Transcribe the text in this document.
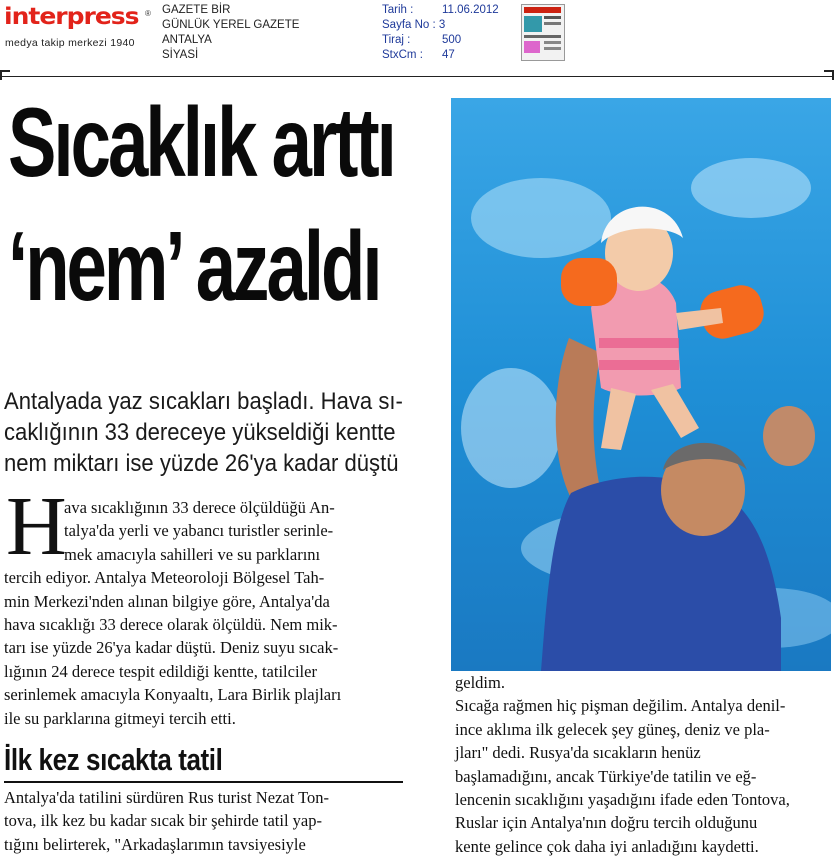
interpress ®
medya takip merkezi 1940
GAZETE BİR
GÜNLÜK YEREL GAZETE
ANTALYA
SİYASİ
Tarih : 11.06.2012
Sayfa No : 3
Tiraj :	500
StxCm : 47
Sıcaklık arttı
‘nem’ azaldı
Antalyada yaz sıcakları başladı. Hava sı-
caklığının 33 dereceye yükseldiği kentte
nem miktarı ise yüzde 26'ya kadar düştü
H
ava sıcaklığının 33 derece ölçüldüğü An-
talya'da yerli ve yabancı turistler serinle-
mek amacıyla sahilleri ve su parklarını
tercih ediyor. Antalya Meteoroloji Bölgesel Tah-
min Merkezi'nden alınan bilgiye göre, Antalya'da
hava sıcaklığı 33 derece olarak ölçüldü. Nem mik-
tarı ise yüzde 26'ya kadar düştü. Deniz suyu sıcak-
lığının 24 derece tespit edildiği kentte, tatilciler
serinlemek amacıyla Konyaaltı, Lara Birlik plajları
ile su parklarına gitmeyi tercih etti.
İlk kez sıcakta tatil
Antalya'da tatilini sürdüren Rus turist Nezat Ton-
tova, ilk kez bu kadar sıcak bir şehirde tatil yap-
tığını belirterek, "Arkadaşlarımın tavsiyesiyle
geldim.
Sıcağa rağmen hiç pişman değilim. Antalya denil-
ince aklıma ilk gelecek şey güneş, deniz ve pla-
jları" dedi. Rusya'da sıcakların henüz
başlamadığını, ancak Türkiye'de tatilin ve eğ-
lencenin sıcaklığını yaşadığını ifade eden Tontova,
Ruslar için Antalya'nın doğru tercih olduğunu
kente gelince çok daha iyi anladığını kaydetti.
